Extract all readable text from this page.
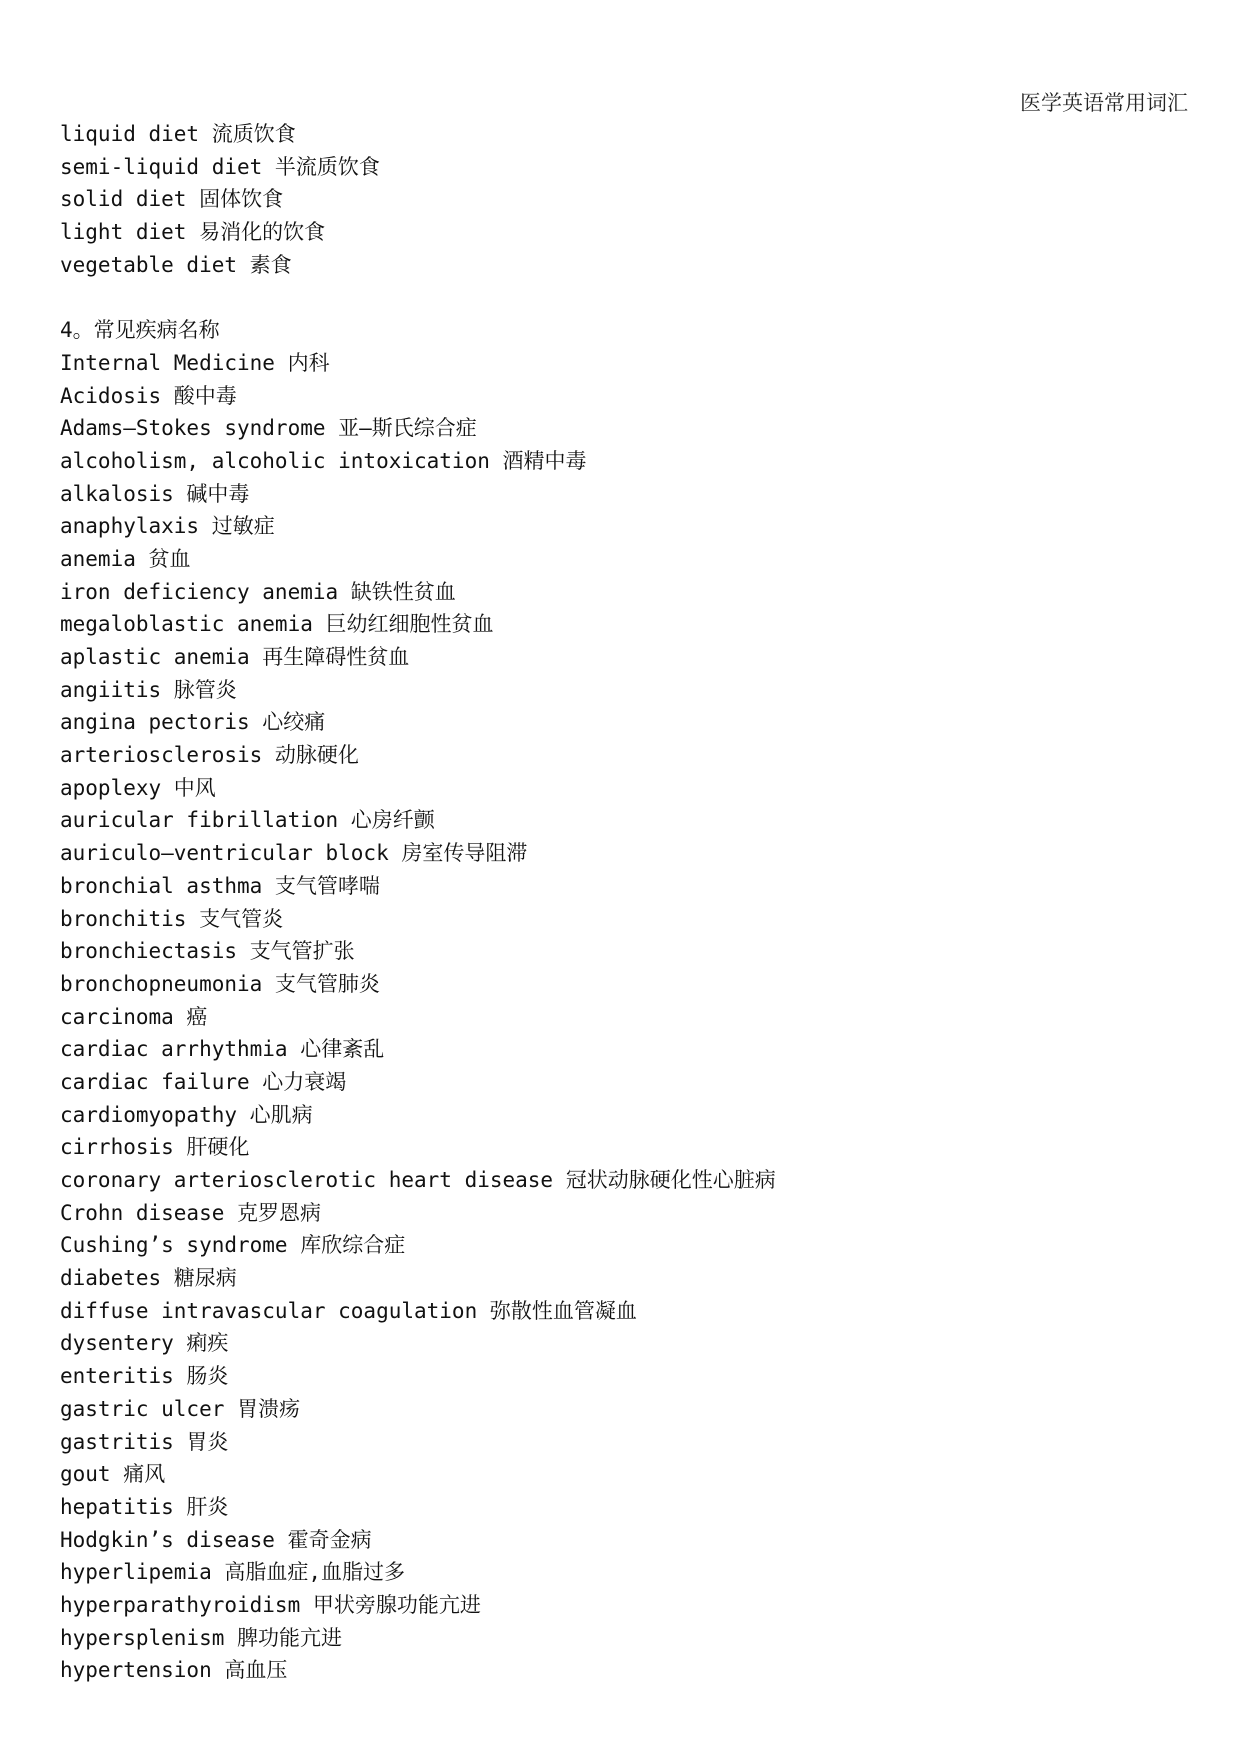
医学英语常用词汇
liquid diet 流质饮食
semi-liquid diet 半流质饮食
solid diet 固体饮食
light diet 易消化的饮食
vegetable diet 素食
4。常见疾病名称
Internal Medicine 内科
Acidosis 酸中毒
Adams—Stokes syndrome 亚—斯氏综合症
alcoholism, alcoholic intoxication 酒精中毒
alkalosis 碱中毒
anaphylaxis 过敏症
anemia 贫血
iron deficiency anemia 缺铁性贫血
megaloblastic anemia 巨幼红细胞性贫血
aplastic anemia 再生障碍性贫血
angiitis 脉管炎
angina pectoris 心绞痛
arteriosclerosis 动脉硬化
apoplexy 中风
auricular fibrillation 心房纤颤
auriculo—ventricular block 房室传导阻滞
bronchial asthma 支气管哮喘
bronchitis 支气管炎
bronchiectasis 支气管扩张
bronchopneumonia 支气管肺炎
carcinoma 癌
cardiac arrhythmia 心律紊乱
cardiac failure 心力衰竭
cardiomyopathy 心肌病
cirrhosis 肝硬化
coronary arteriosclerotic heart disease 冠状动脉硬化性心脏病
Crohn disease 克罗恩病
Cushing’s syndrome 库欣综合症
diabetes 糖尿病
diffuse intravascular coagulation 弥散性血管凝血
dysentery 痢疾
enteritis 肠炎
gastric ulcer 胃溃疡
gastritis 胃炎
gout 痛风
hepatitis 肝炎
Hodgkin’s disease 霍奇金病
hyperlipemia 高脂血症,血脂过多
hyperparathyroidism 甲状旁腺功能亢进
hypersplenism 脾功能亢进
hypertension 高血压
